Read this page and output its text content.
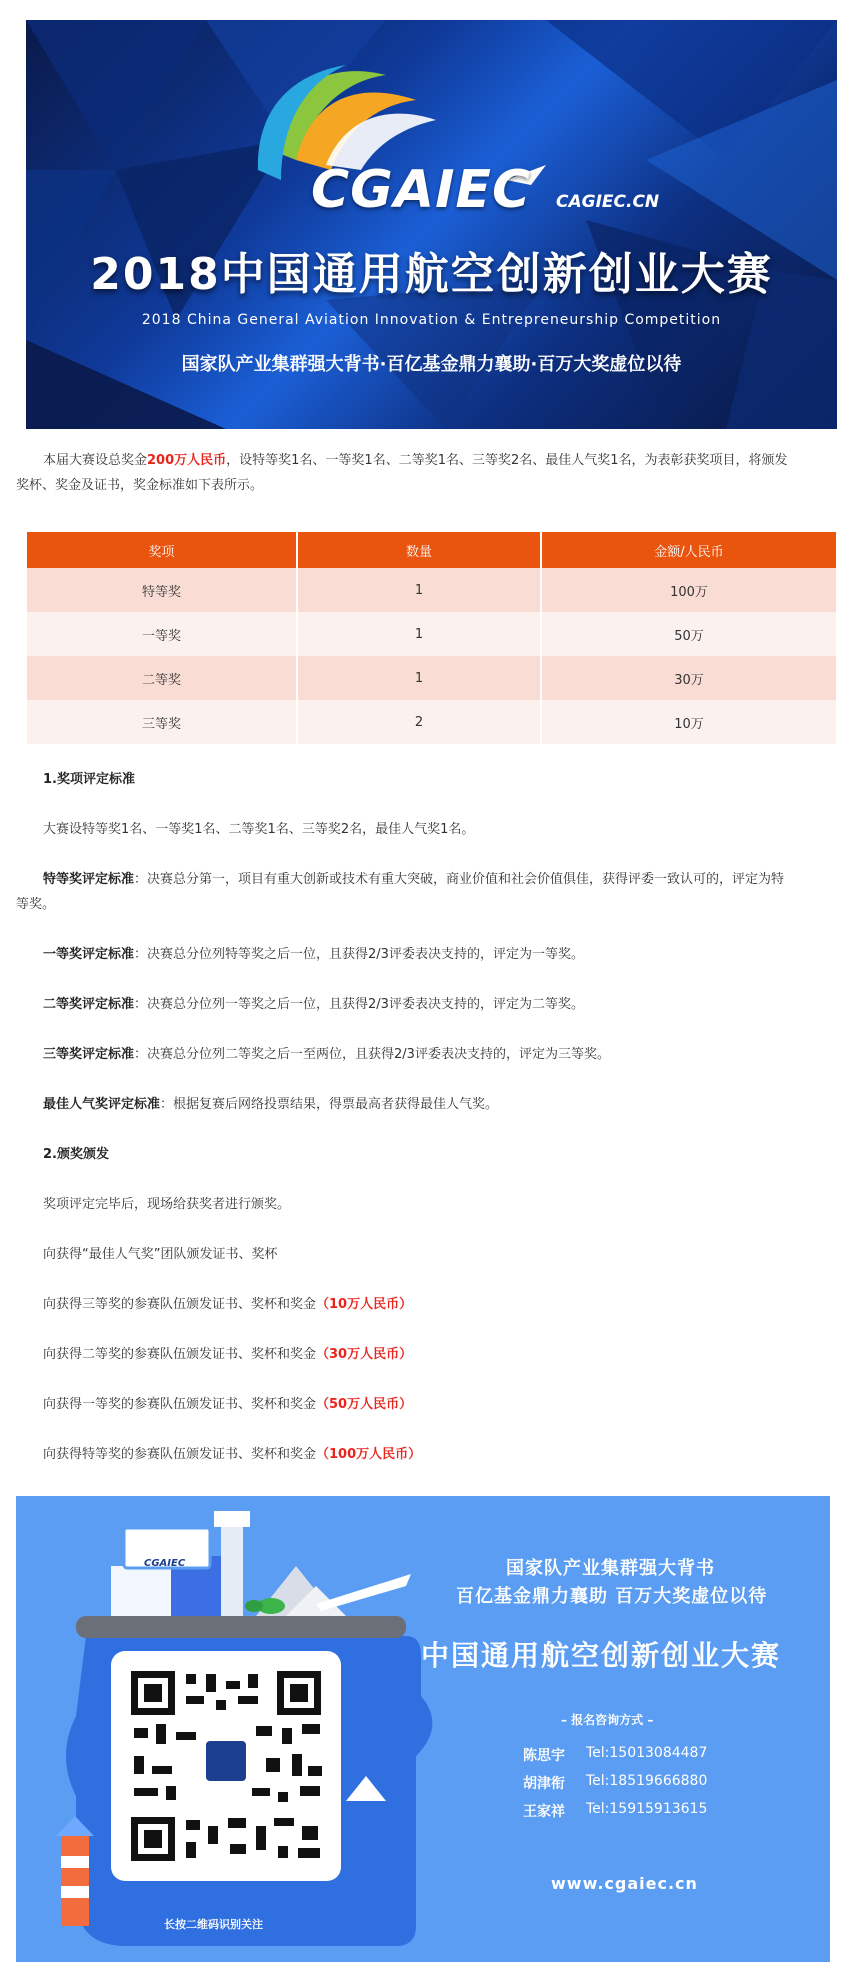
CGAIEC CAGIEC.CN
2018中国通用航空创新创业大赛
2018 China General Aviation Innovation & Entrepreneurship Competition
国家队产业集群强大背书·百亿基金鼎力襄助·百万大奖虚位以待

本届大赛设总奖金200万人民币，设特等奖1名、一等奖1名、二等奖1名、三等奖2名、最佳人气奖1名，为表彰获奖项目，将颁发

奖杯、奖金及证书，奖金标准如下表所示。

奖项	数量	金额/人民币
特等奖	1	100万
一等奖	1	50万
二等奖	1	30万
三等奖	2	10万

1.奖项评定标准

大赛设特等奖1名、一等奖1名、二等奖1名、三等奖2名，最佳人气奖1名。

特等奖评定标准：决赛总分第一，项目有重大创新或技术有重大突破，商业价值和社会价值俱佳，获得评委一致认可的，评定为特

等奖。

一等奖评定标准：决赛总分位列特等奖之后一位，且获得2/3评委表决支持的，评定为一等奖。

二等奖评定标准：决赛总分位列一等奖之后一位，且获得2/3评委表决支持的，评定为二等奖。

三等奖评定标准：决赛总分位列二等奖之后一至两位，且获得2/3评委表决支持的，评定为三等奖。

最佳人气奖评定标准：根据复赛后网络投票结果，得票最高者获得最佳人气奖。

2.颁奖颁发

奖项评定完毕后，现场给获奖者进行颁奖。

向获得“最佳人气奖”团队颁发证书、奖杯

向获得三等奖的参赛队伍颁发证书、奖杯和奖金（10万人民币）

向获得二等奖的参赛队伍颁发证书、奖杯和奖金（30万人民币）

向获得一等奖的参赛队伍颁发证书、奖杯和奖金（50万人民币）

向获得特等奖的参赛队伍颁发证书、奖杯和奖金（100万人民币）

CGAIEC	国家队产业集群强大背书
百亿基金鼎力襄助 百万大奖虚位以待
中国通用航空创新创业大赛
– 报名咨询方式 –
陈思宇 Tel:15013084487
胡津衔 Tel:18519666880
王家祥 Tel:15915913615
www.cgaiec.cn
长按二维码识别关注
